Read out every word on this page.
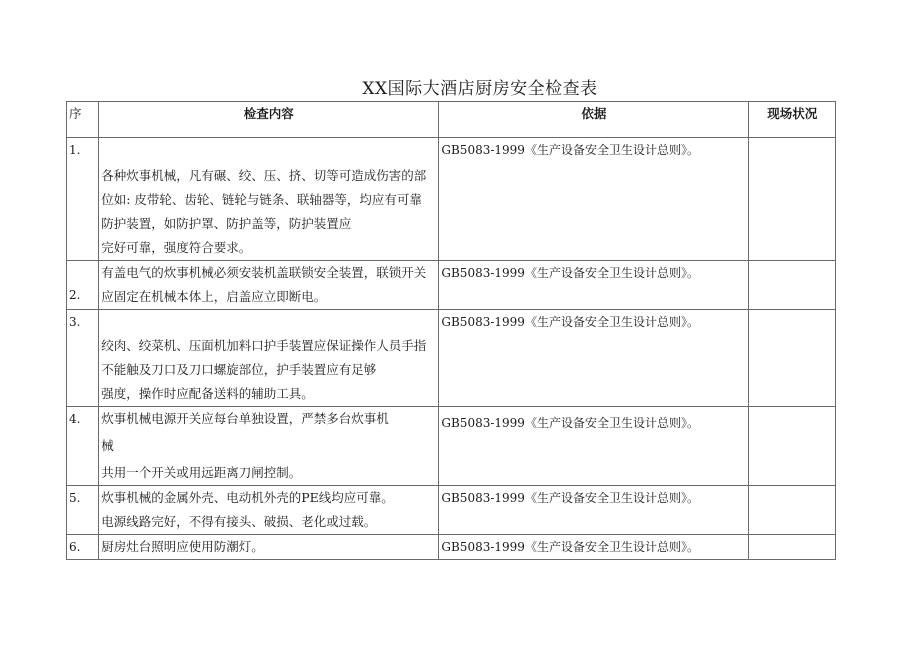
XX国际大酒店厨房安全检查表
序	检查内容	依据	现场状况
1.	各种炊事机械，凡有碾、绞、压、挤、切等可造成伤害的部
位如: 皮带轮、齿轮、链轮与链条、联轴器等，均应有可靠
防护装置，如防护罩、防护盖等，防护装置应
完好可靠，强度符合要求。	GB5083-1999《生产设备安全卫生设计总则》。	
2.	有盖电气的炊事机械必须安装机盖联锁安全装置，联锁开关
应固定在机械本体上，启盖应立即断电。	GB5083-1999《生产设备安全卫生设计总则》。	
3.	绞肉、绞菜机、压面机加料口护手装置应保证操作人员手指
不能触及刀口及刀口螺旋部位，护手装置应有足够
强度，操作时应配备送料的辅助工具。	GB5083-1999《生产设备安全卫生设计总则》。	
4.	炊事机械电源开关应每台单独设置，严禁多台炊事机
械
共用一个开关或用远距离刀闸控制。	GB5083-1999《生产设备安全卫生设计总则》。	
5.	炊事机械的金属外壳、电动机外壳的PE线均应可靠。
电源线路完好，不得有接头、破损、老化或过载。	GB5083-1999《生产设备安全卫生设计总则》。	
6.	厨房灶台照明应使用防潮灯。	GB5083-1999《生产设备安全卫生设计总则》。	
